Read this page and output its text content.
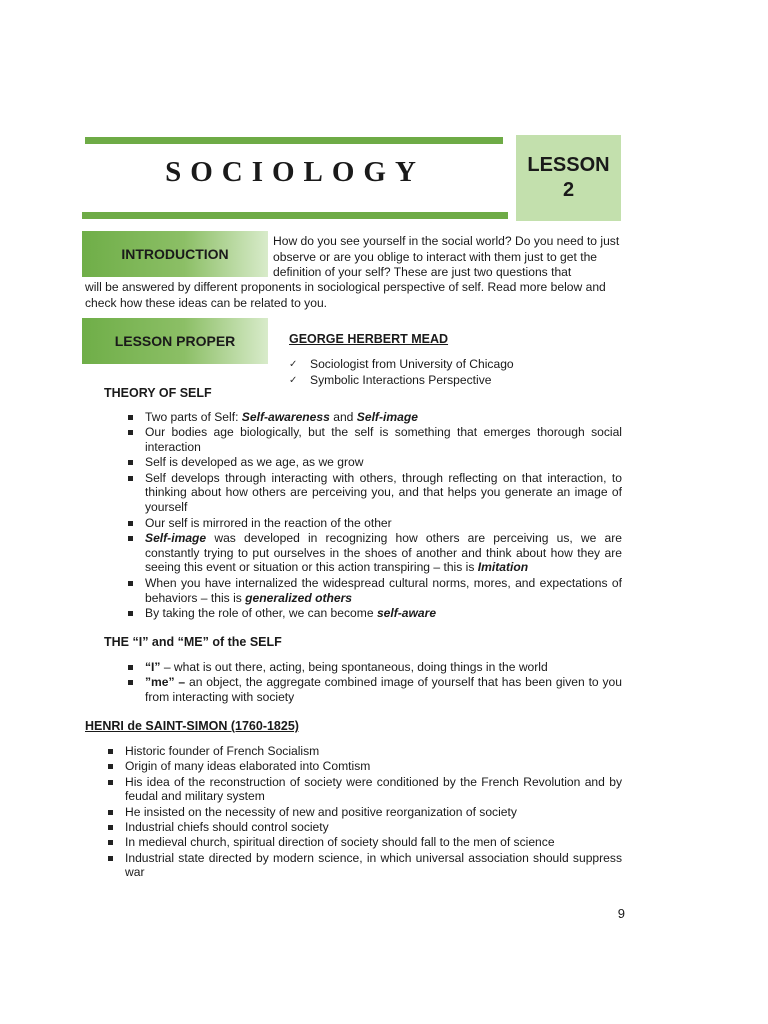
SOCIOLOGY	LESSON
2
INTRODUCTION
How do you see yourself in the social world? Do you need to just observe or are you oblige to interact with them just to get the definition of your self? These are just two questions that
will be answered by different proponents in sociological perspective of self. Read more below and check how these ideas can be related to you.
LESSON PROPER	GEORGE HERBERT MEAD
✓ Sociologist from University of Chicago
✓ Symbolic Interactions Perspective
THEORY OF SELF
Two parts of Self: Self-awareness and Self-image
Our bodies age biologically, but the self is something that emerges thorough social interaction
Self is developed as we age, as we grow
Self develops through interacting with others, through reflecting on that interaction, to thinking about how others are perceiving you, and that helps you generate an image of yourself
Our self is mirrored in the reaction of the other
Self-image was developed in recognizing how others are perceiving us, we are constantly trying to put ourselves in the shoes of another and think about how they are seeing this event or situation or this action transpiring – this is Imitation
When you have internalized the widespread cultural norms, mores, and expectations of behaviors – this is generalized others
By taking the role of other, we can become self-aware
THE “I” and “ME” of the SELF
“I” – what is out there, acting, being spontaneous, doing things in the world
”me” – an object, the aggregate combined image of yourself that has been given to you from interacting with society
HENRI de SAINT-SIMON (1760-1825)
Historic founder of French Socialism
Origin of many ideas elaborated into Comtism
His idea of the reconstruction of society were conditioned by the French Revolution and by feudal and military system
He insisted on the necessity of new and positive reorganization of society
Industrial chiefs should control society
In medieval church, spiritual direction of society should fall to the men of science
Industrial state directed by modern science, in which universal association should suppress war
9
